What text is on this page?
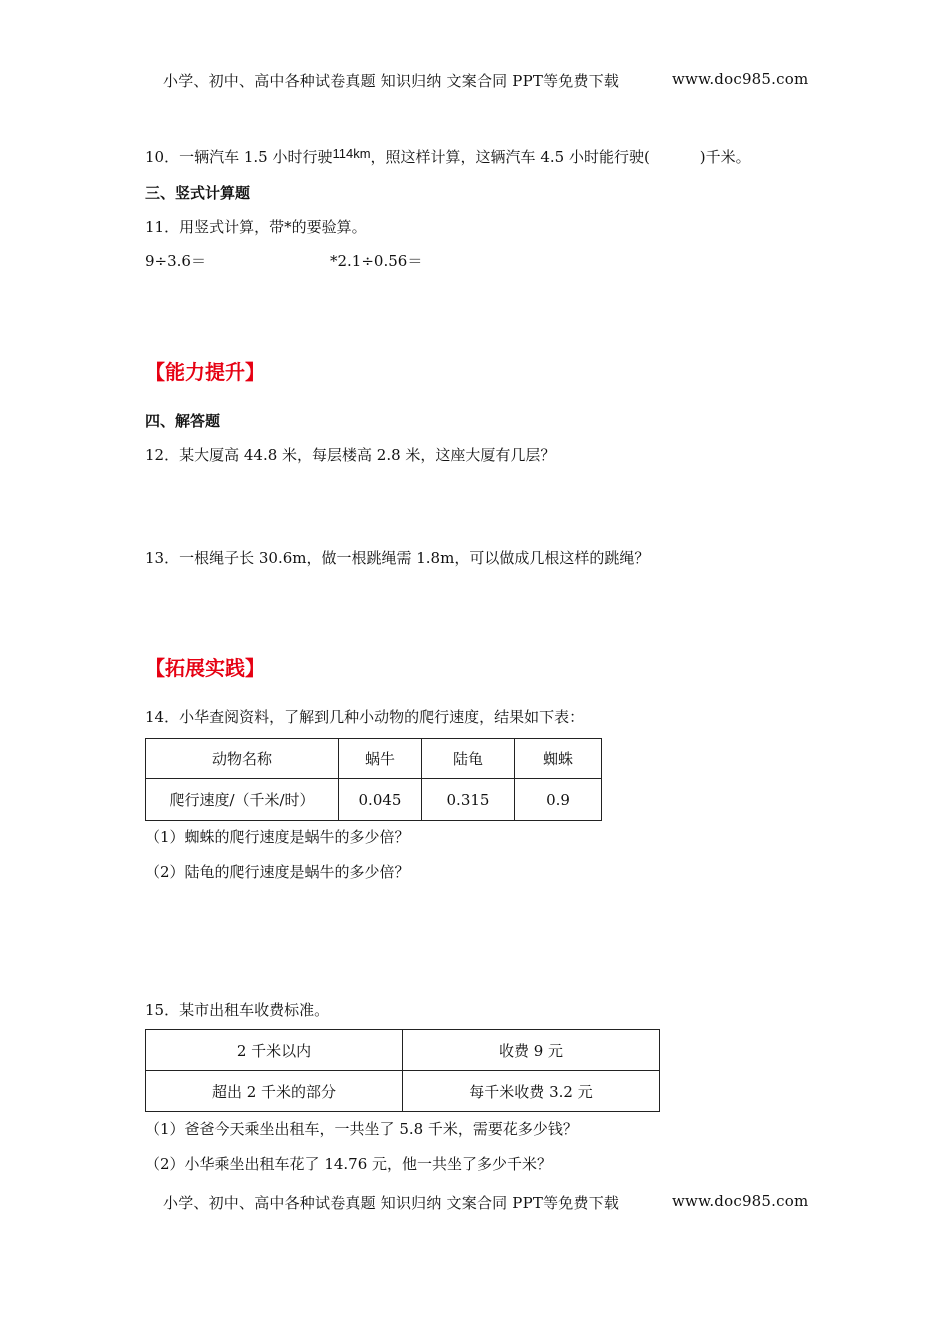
小学、初中、高中各种试卷真题 知识归纳 文案合同 PPT等免费下载	www.doc985.com
10．一辆汽车 1.5 小时行驶114km，照这样计算，这辆汽车 4.5 小时能行驶(	)千米。
三、竖式计算题
11．用竖式计算，带*的要验算。
9÷3.6＝	*2.1÷0.56＝
【能力提升】
四、解答题
12．某大厦高 44.8 米，每层楼高 2.8 米，这座大厦有几层？
13．一根绳子长 30.6m，做一根跳绳需 1.8m，可以做成几根这样的跳绳？
【拓展实践】
14．小华查阅资料，了解到几种小动物的爬行速度，结果如下表：
动物名称	蜗牛	陆龟	蜘蛛
爬行速度/（千米/时）	0.045	0.315	0.9
（1）蜘蛛的爬行速度是蜗牛的多少倍？
（2）陆龟的爬行速度是蜗牛的多少倍？
15．某市出租车收费标准。
2 千米以内	收费 9 元
超出 2 千米的部分	每千米收费 3.2 元
（1）爸爸今天乘坐出租车，一共坐了 5.8 千米，需要花多少钱？
（2）小华乘坐出租车花了 14.76 元，他一共坐了多少千米？
小学、初中、高中各种试卷真题 知识归纳 文案合同 PPT等免费下载	www.doc985.com
